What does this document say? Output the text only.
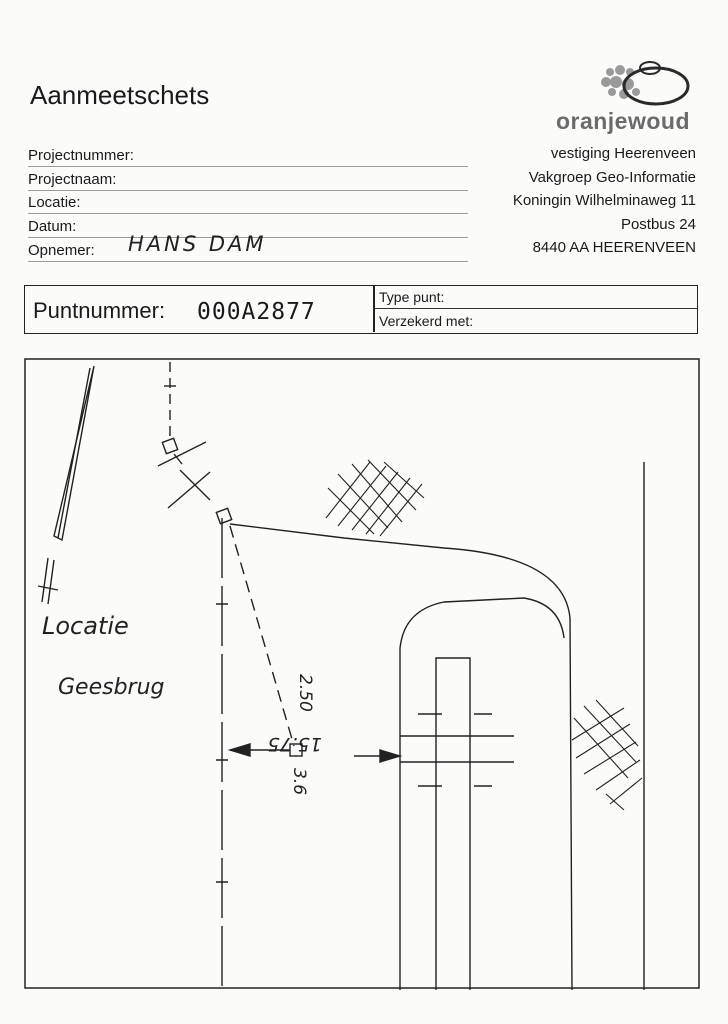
Aanmeetschets
Projectnummer:
Projectnaam:
Locatie:
Datum:
Opnemer: HANS DAM
oranjewoud
vestiging Heerenveen
Vakgroep Geo-Informatie
Koningin Wilhelminaweg 11
Postbus 24
8440 AA HEERENVEEN
Puntnummer: 000A2877
Type punt:
Verzekerd met:
Locatie
Geesbrug	2.50
3.6
15.75
